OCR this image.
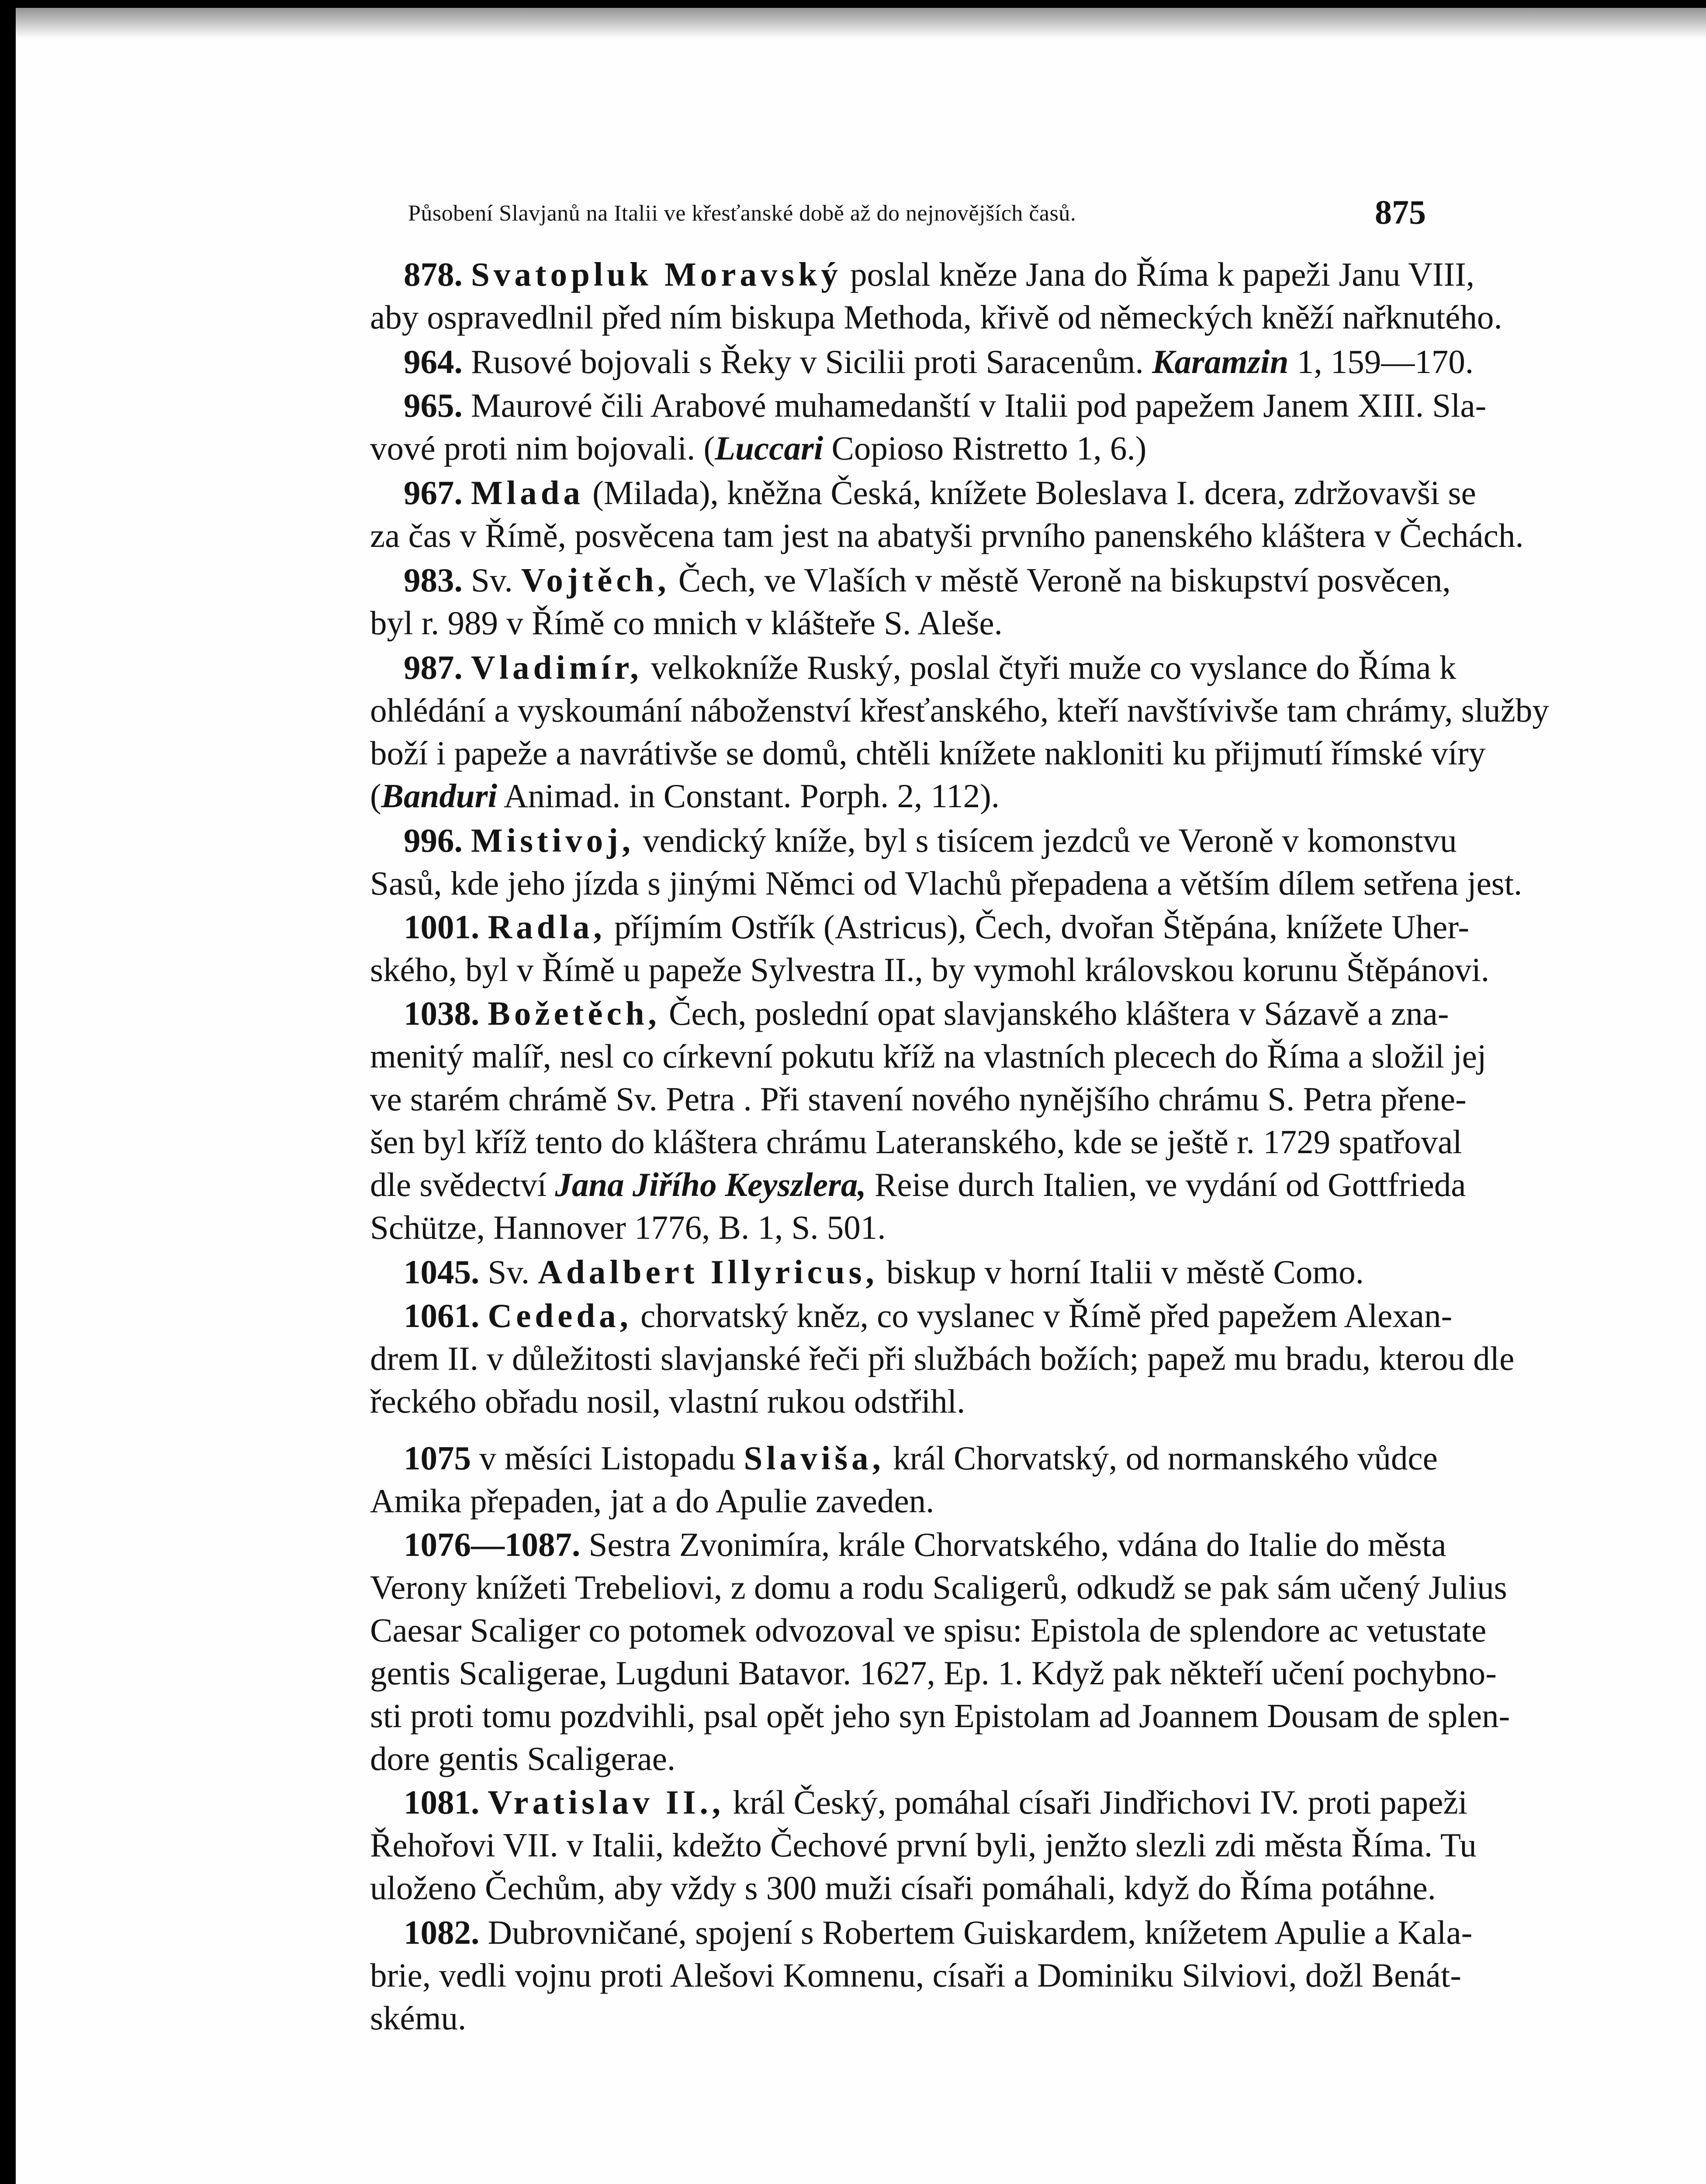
Působení Slavjanů na Italii ve křesťanské době až do nejnovějších časů.	875
878. Svatopluk Moravský poslal kněze Jana do Říma k papeži Janu VIII,
aby ospravedlnil před ním biskupa Methoda, křivě od německých kněží nařknutého.
964. Rusové bojovali s Řeky v Sicilii proti Saracenům. Karamzin 1, 159—170.
965. Maurové čili Arabové muhamedanští v Italii pod papežem Janem XIII. Sla-
vové proti nim bojovali. (Luccari Copioso Ristretto 1, 6.)
967. Mlada (Milada), kněžna Česká, knížete Boleslava I. dcera, zdržovavši se
za čas v Římě, posvěcena tam jest na abatyši prvního panenského kláštera v Čechách.
983. Sv. Vojtěch, Čech, ve Vlaších v městě Veroně na biskupství posvěcen,
byl r. 989 v Římě co mnich v klášteře S. Aleše.
987. Vladimír, velkokníže Ruský, poslal čtyři muže co vyslance do Říma k
ohlédání a vyskoumání náboženství křesťanského, kteří navštívivše tam chrámy, služby
boží i papeže a navrátivše se domů, chtěli knížete nakloniti ku přijmutí římské víry
(Banduri Animad. in Constant. Porph. 2, 112).
996. Mistivoj, vendický kníže, byl s tisícem jezdců ve Veroně v komonstvu
Sasů, kde jeho jízda s jinými Němci od Vlachů přepadena a větším dílem setřena jest.
1001. Radla, příjmím Ostřík (Astricus), Čech, dvořan Štěpána, knížete Uher-
ského, byl v Římě u papeže Sylvestra II., by vymohl královskou korunu Štěpánovi.
1038. Božetěch, Čech, poslední opat slavjanského kláštera v Sázavě a zna-
menitý malíř, nesl co církevní pokutu kříž na vlastních plecech do Říma a složil jej
ve starém chrámě Sv. Petra . Při stavení nového nynějšího chrámu S. Petra přene-
šen byl kříž tento do kláštera chrámu Lateranského, kde se ještě r. 1729 spatřoval
dle svědectví Jana Jiřího Keyszlera, Reise durch Italien, ve vydání od Gottfrieda
Schütze, Hannover 1776, B. 1, S. 501.
1045. Sv. Adalbert Illyricus, biskup v horní Italii v městě Como.
1061. Cededa, chorvatský kněz, co vyslanec v Římě před papežem Alexan-
drem II. v důležitosti slavjanské řeči při službách božích; papež mu bradu, kterou dle
řeckého obřadu nosil, vlastní rukou odstřihl.
1075 v měsíci Listopadu Slaviša, král Chorvatský, od normanského vůdce
Amika přepaden, jat a do Apulie zaveden.
1076—1087. Sestra Zvonimíra, krále Chorvatského, vdána do Italie do města
Verony knížeti Trebeliovi, z domu a rodu Scaligerů, odkudž se pak sám učený Julius
Caesar Scaliger co potomek odvozoval ve spisu: Epistola de splendore ac vetustate
gentis Scaligerae, Lugduni Batavor. 1627, Ep. 1. Když pak někteří učení pochybno-
sti proti tomu pozdvihli, psal opět jeho syn Epistolam ad Joannem Dousam de splen-
dore gentis Scaligerae.
1081. Vratislav II., král Český, pomáhal císaři Jindřichovi IV. proti papeži
Řehořovi VII. v Italii, kdežto Čechové první byli, jenžto slezli zdi města Říma. Tu
uloženo Čechům, aby vždy s 300 muži císaři pomáhali, když do Říma potáhne.
1082. Dubrovničané, spojení s Robertem Guiskardem, knížetem Apulie a Kala-
brie, vedli vojnu proti Alešovi Komnenu, císaři a Dominiku Silviovi, dožl Benát-
skému.
